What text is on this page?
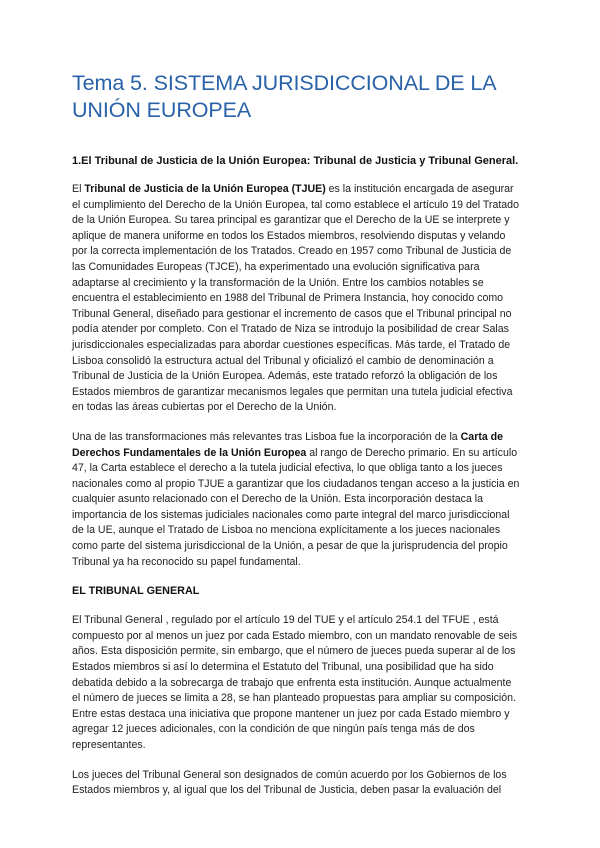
Tema 5. SISTEMA JURISDICCIONAL DE LA UNIÓN EUROPEA
1.El Tribunal de Justicia de la Unión Europea: Tribunal de Justicia y Tribunal General.

El Tribunal de Justicia de la Unión Europea (TJUE) es la institución encargada de asegurar el cumplimiento del Derecho de la Unión Europea, tal como establece el artículo 19 del Tratado de la Unión Europea. Su tarea principal es garantizar que el Derecho de la UE se interprete y aplique de manera uniforme en todos los Estados miembros, resolviendo disputas y velando por la correcta implementación de los Tratados. Creado en 1957 como Tribunal de Justicia de las Comunidades Europeas (TJCE), ha experimentado una evolución significativa para adaptarse al crecimiento y la transformación de la Unión. Entre los cambios notables se encuentra el establecimiento en 1988 del Tribunal de Primera Instancia, hoy conocido como Tribunal General, diseñado para gestionar el incremento de casos que el Tribunal principal no podía atender por completo. Con el Tratado de Niza se introdujo la posibilidad de crear Salas jurisdiccionales especializadas para abordar cuestiones específicas. Más tarde, el Tratado de Lisboa consolidó la estructura actual del Tribunal y oficializó el cambio de denominación a Tribunal de Justicia de la Unión Europea. Además, este tratado reforzó la obligación de los Estados miembros de garantizar mecanismos legales que permitan una tutela judicial efectiva en todas las áreas cubiertas por el Derecho de la Unión.

Una de las transformaciones más relevantes tras Lisboa fue la incorporación de la Carta de Derechos Fundamentales de la Unión Europea al rango de Derecho primario. En su artículo 47, la Carta establece el derecho a la tutela judicial efectiva, lo que obliga tanto a los jueces nacionales como al propio TJUE a garantizar que los ciudadanos tengan acceso a la justicia en cualquier asunto relacionado con el Derecho de la Unión. Esta incorporación destaca la importancia de los sistemas judiciales nacionales como parte integral del marco jurisdiccional de la UE, aunque el Tratado de Lisboa no menciona explícitamente a los jueces nacionales como parte del sistema jurisdiccional de la Unión, a pesar de que la jurisprudencia del propio Tribunal ya ha reconocido su papel fundamental.

EL TRIBUNAL GENERAL

El Tribunal General , regulado por el artículo 19 del TUE y el artículo 254.1 del TFUE , está compuesto por al menos un juez por cada Estado miembro, con un mandato renovable de seis años. Esta disposición permite, sin embargo, que el número de jueces pueda superar al de los Estados miembros si así lo determina el Estatuto del Tribunal, una posibilidad que ha sido debatida debido a la sobrecarga de trabajo que enfrenta esta institución. Aunque actualmente el número de jueces se limita a 28, se han planteado propuestas para ampliar su composición. Entre estas destaca una iniciativa que propone mantener un juez por cada Estado miembro y agregar 12 jueces adicionales, con la condición de que ningún país tenga más de dos representantes.

Los jueces del Tribunal General son designados de común acuerdo por los Gobiernos de los Estados miembros y, al igual que los del Tribunal de Justicia, deben pasar la evaluación del
